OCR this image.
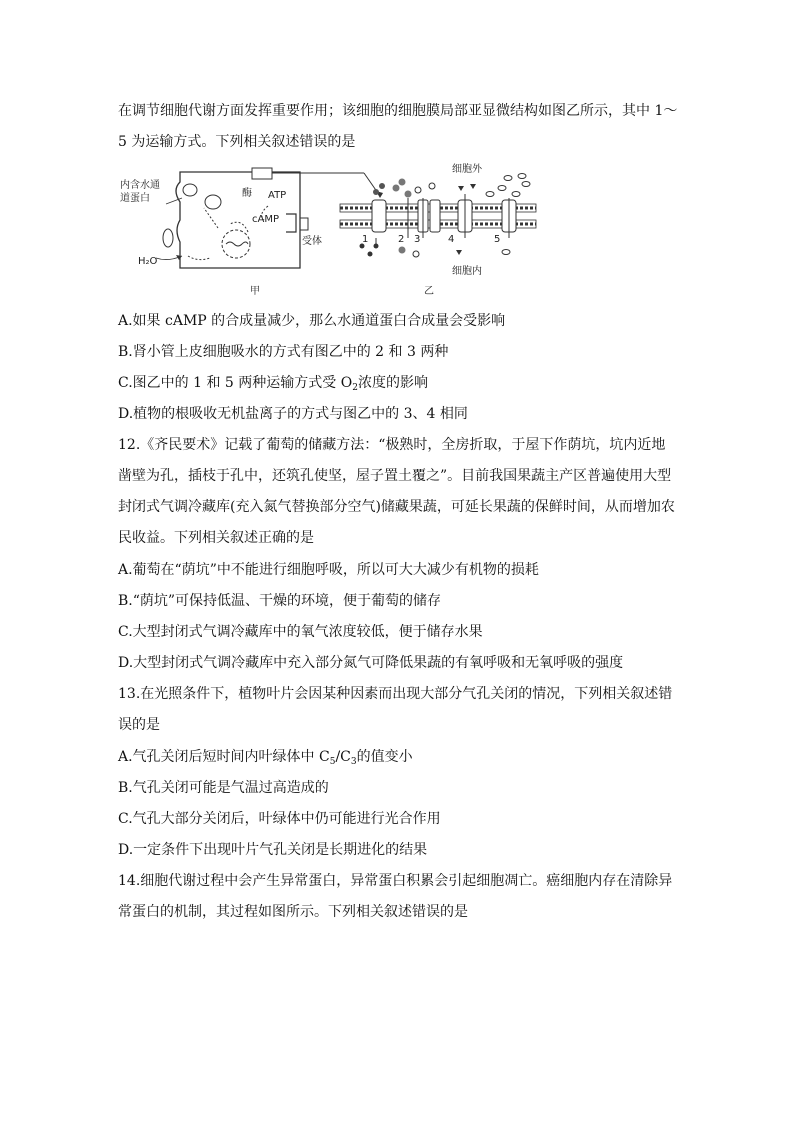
在调节细胞代谢方面发挥重要作用；该细胞的细胞膜局部亚显微结构如图乙所示，其中 1～
5 为运输方式。下列相关叙述错误的是
内含水通
道蛋白
H₂O
酶 ATP
cAMP
受体
甲
细胞外
细胞内
1	2 3	4	5
乙
A.如果 cAMP 的合成量减少，那么水通道蛋白合成量会受影响
B.肾小管上皮细胞吸水的方式有图乙中的 2 和 3 两种
C.图乙中的 1 和 5 两种运输方式受 $O_2$浓度的影响
D.植物的根吸收无机盐离子的方式与图乙中的 3、4 相同
12.《齐民要术》记载了葡萄的储藏方法：“极熟时，全房折取，于屋下作荫坑，坑内近地
凿壁为孔，插枝于孔中，还筑孔使坚，屋子置土覆之”。目前我国果蔬主产区普遍使用大型
封闭式气调冷藏库(充入氮气替换部分空气)储藏果蔬，可延长果蔬的保鲜时间，从而增加农
民收益。下列相关叙述正确的是
A.葡萄在“荫坑”中不能进行细胞呼吸，所以可大大减少有机物的损耗
B.“荫坑”可保持低温、干燥的环境，便于葡萄的储存
C.大型封闭式气调冷藏库中的氧气浓度较低，便于储存水果
D.大型封闭式气调冷藏库中充入部分氮气可降低果蔬的有氧呼吸和无氧呼吸的强度
13.在光照条件下，植物叶片会因某种因素而出现大部分气孔关闭的情况，下列相关叙述错
误的是
A.气孔关闭后短时间内叶绿体中 $C_5/C_3$的值变小
B.气孔关闭可能是气温过高造成的
C.气孔大部分关闭后，叶绿体中仍可能进行光合作用
D.一定条件下出现叶片气孔关闭是长期进化的结果
14.细胞代谢过程中会产生异常蛋白，异常蛋白积累会引起细胞凋亡。癌细胞内存在清除异
常蛋白的机制，其过程如图所示。下列相关叙述错误的是
